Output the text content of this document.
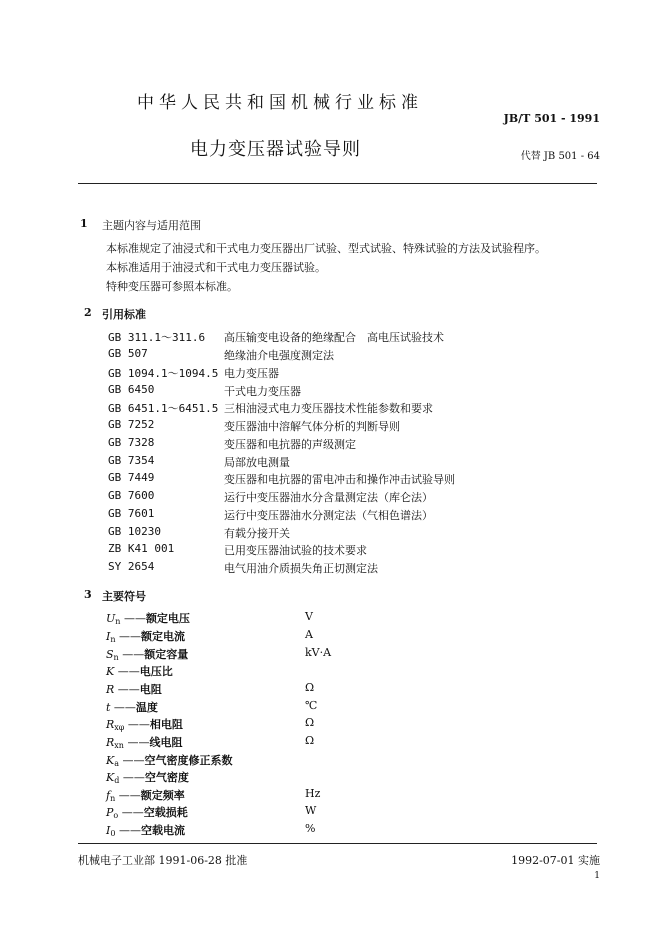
中华人民共和国机械行业标准
JB/T 501 - 1991
电力变压器试验导则	代替 JB 501 - 64
1 主题内容与适用范围
本标准规定了油浸式和干式电力变压器出厂试验、型式试验、特殊试验的方法及试验程序。
本标准适用于油浸式和干式电力变压器试验。
特种变压器可参照本标准。
2 引用标准
GB 311.1～311.6 高压输变电设备的绝缘配合　高电压试验技术
GB 507	绝缘油介电强度测定法
GB 1094.1～1094.5 电力变压器
GB 6450	干式电力变压器
GB 6451.1～6451.5 三相油浸式电力变压器技术性能参数和要求
GB 7252	变压器油中溶解气体分析的判断导则
GB 7328	变压器和电抗器的声级测定
GB 7354	局部放电测量
GB 7449	变压器和电抗器的雷电冲击和操作冲击试验导则
GB 7600	运行中变压器油水分含量测定法（库仑法）
GB 7601	运行中变压器油水分测定法（气相色谱法）
GB 10230	有载分接开关
ZB K41 001	已用变压器油试验的技术要求
SY 2654	电气用油介质损失角正切测定法
3 主要符号
Un ——额定电压	V
In ——额定电流	A
Sn ——额定容量	kV·A
K ——电压比
R ——电阻	Ω
t ——温度	℃
Rxφ ——相电阻	Ω
Rxn ——线电阻	Ω
Ka ——空气密度修正系数
Kd ——空气密度
fn ——额定频率	Hz
Po ——空载损耗	W
I0 ——空载电流	%
机械电子工业部 1991-06-28 批准	1992-07-01 实施
1
